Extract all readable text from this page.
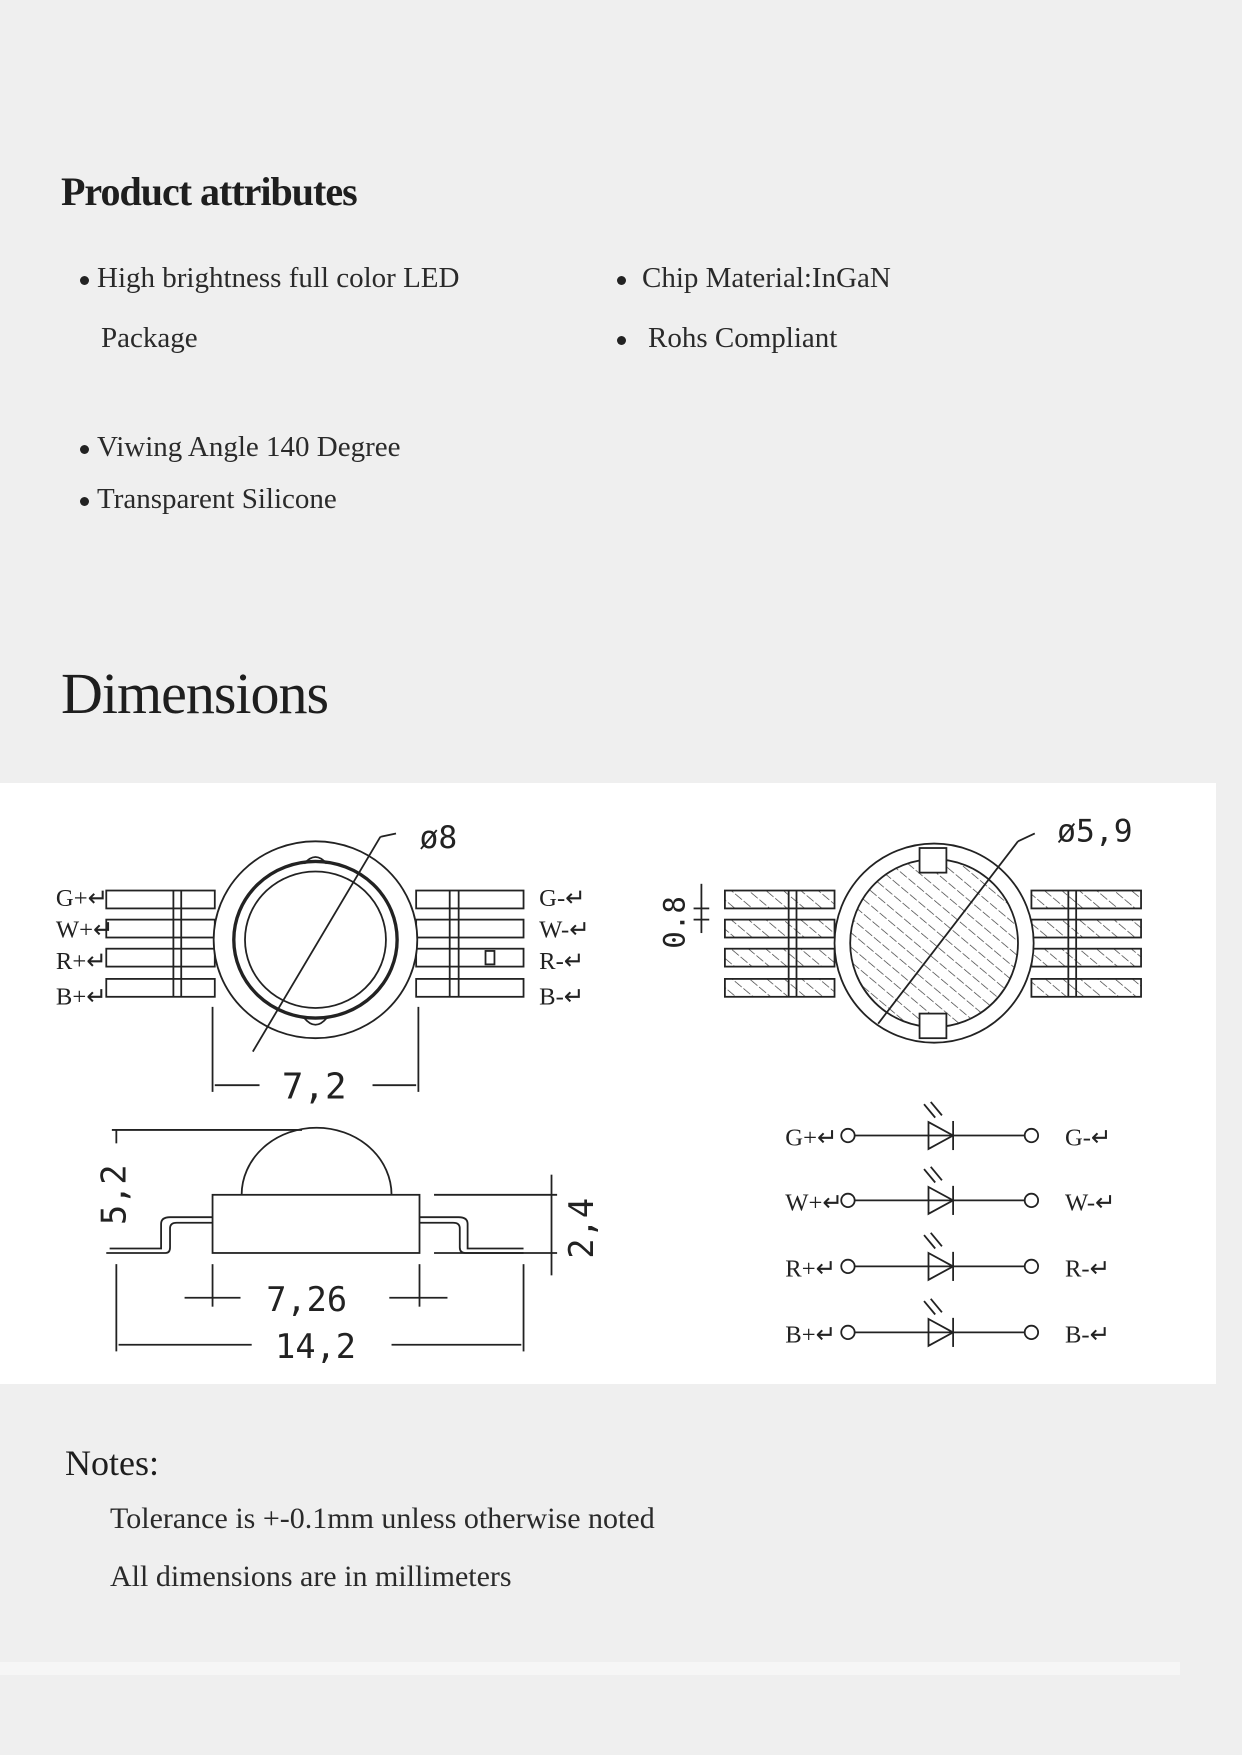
Product attributes
High brightness full color LED
Package
Chip Material:InGaN
Rohs Compliant
Viwing Angle 140 Degree
Transparent Silicone
Dimensions
ø8
7,2
G+↵
W+↵
R+↵
B+↵
G-↵
W-↵
R-↵
B-↵
ø5,9
0.8
5,2
2,4
7,26
14,2
G+↵	G-↵
W+↵	W-↵
R+↵	R-↵
B+↵	B-↵
Notes:
Tolerance is +-0.1mm unless otherwise noted
All dimensions are in millimeters
